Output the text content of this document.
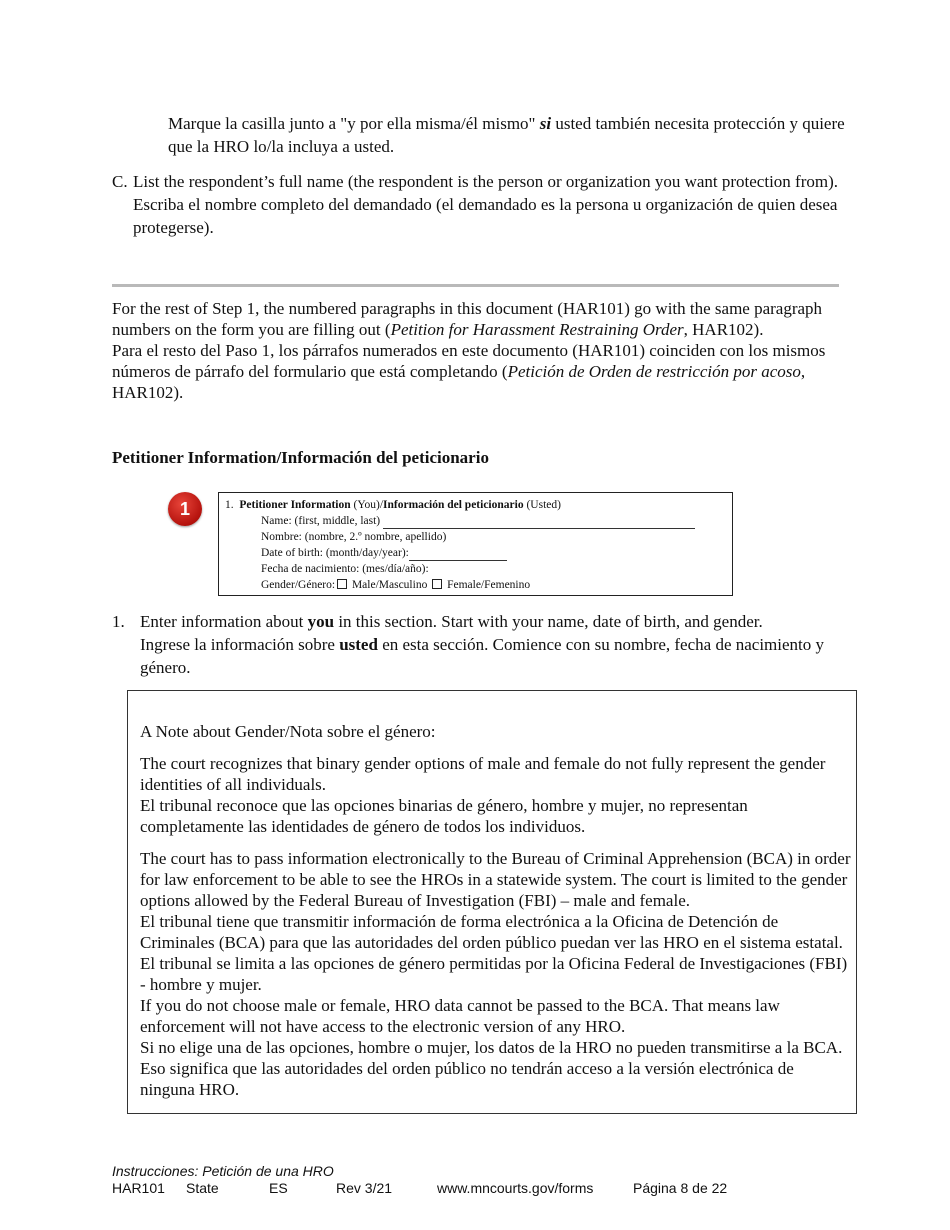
Marque la casilla junto a "y por ella misma/él mismo" si usted también necesita protección y quiere que la HRO lo/la incluya a usted.
C. List the respondent’s full name (the respondent is the person or organization you want protection from).
Escriba el nombre completo del demandado (el demandado es la persona u organización de quien desea protegerse).
For the rest of Step 1, the numbered paragraphs in this document (HAR101) go with the same paragraph numbers on the form you are filling out (Petition for Harassment Restraining Order, HAR102).
Para el resto del Paso 1, los párrafos numerados en este documento (HAR101) coinciden con los mismos números de párrafo del formulario que está completando (Petición de Orden de restricción por acoso, HAR102).
Petitioner Information/Información del peticionario
1	1. Petitioner Information (You)/Información del peticionario (Usted)
Name: (first, middle, last)
Nombre: (nombre, 2.º nombre, apellido)
Date of birth: (month/day/year):
Fecha de nacimiento: (mes/día/año):
Gender/Género: Male/Masculino Female/Femenino
1. Enter information about you in this section. Start with your name, date of birth, and gender.
Ingrese la información sobre usted en esta sección. Comience con su nombre, fecha de nacimiento y género.
A Note about Gender/Nota sobre el género:
The court recognizes that binary gender options of male and female do not fully represent the gender identities of all individuals.
El tribunal reconoce que las opciones binarias de género, hombre y mujer, no representan completamente las identidades de género de todos los individuos.
The court has to pass information electronically to the Bureau of Criminal Apprehension (BCA) in order for law enforcement to be able to see the HROs in a statewide system. The court is limited to the gender options allowed by the Federal Bureau of Investigation (FBI) – male and female.
El tribunal tiene que transmitir información de forma electrónica a la Oficina de Detención de Criminales (BCA) para que las autoridades del orden público puedan ver las HRO en el sistema estatal. El tribunal se limita a las opciones de género permitidas por la Oficina Federal de Investigaciones (FBI) - hombre y mujer.
If you do not choose male or female, HRO data cannot be passed to the BCA. That means law enforcement will not have access to the electronic version of any HRO.
Si no elige una de las opciones, hombre o mujer, los datos de la HRO no pueden transmitirse a la BCA. Eso significa que las autoridades del orden público no tendrán acceso a la versión electrónica de ninguna HRO.
Instrucciones: Petición de una HRO
HAR101 State	ES	Rev 3/21	www.mncourts.gov/forms	Página 8 de 22
